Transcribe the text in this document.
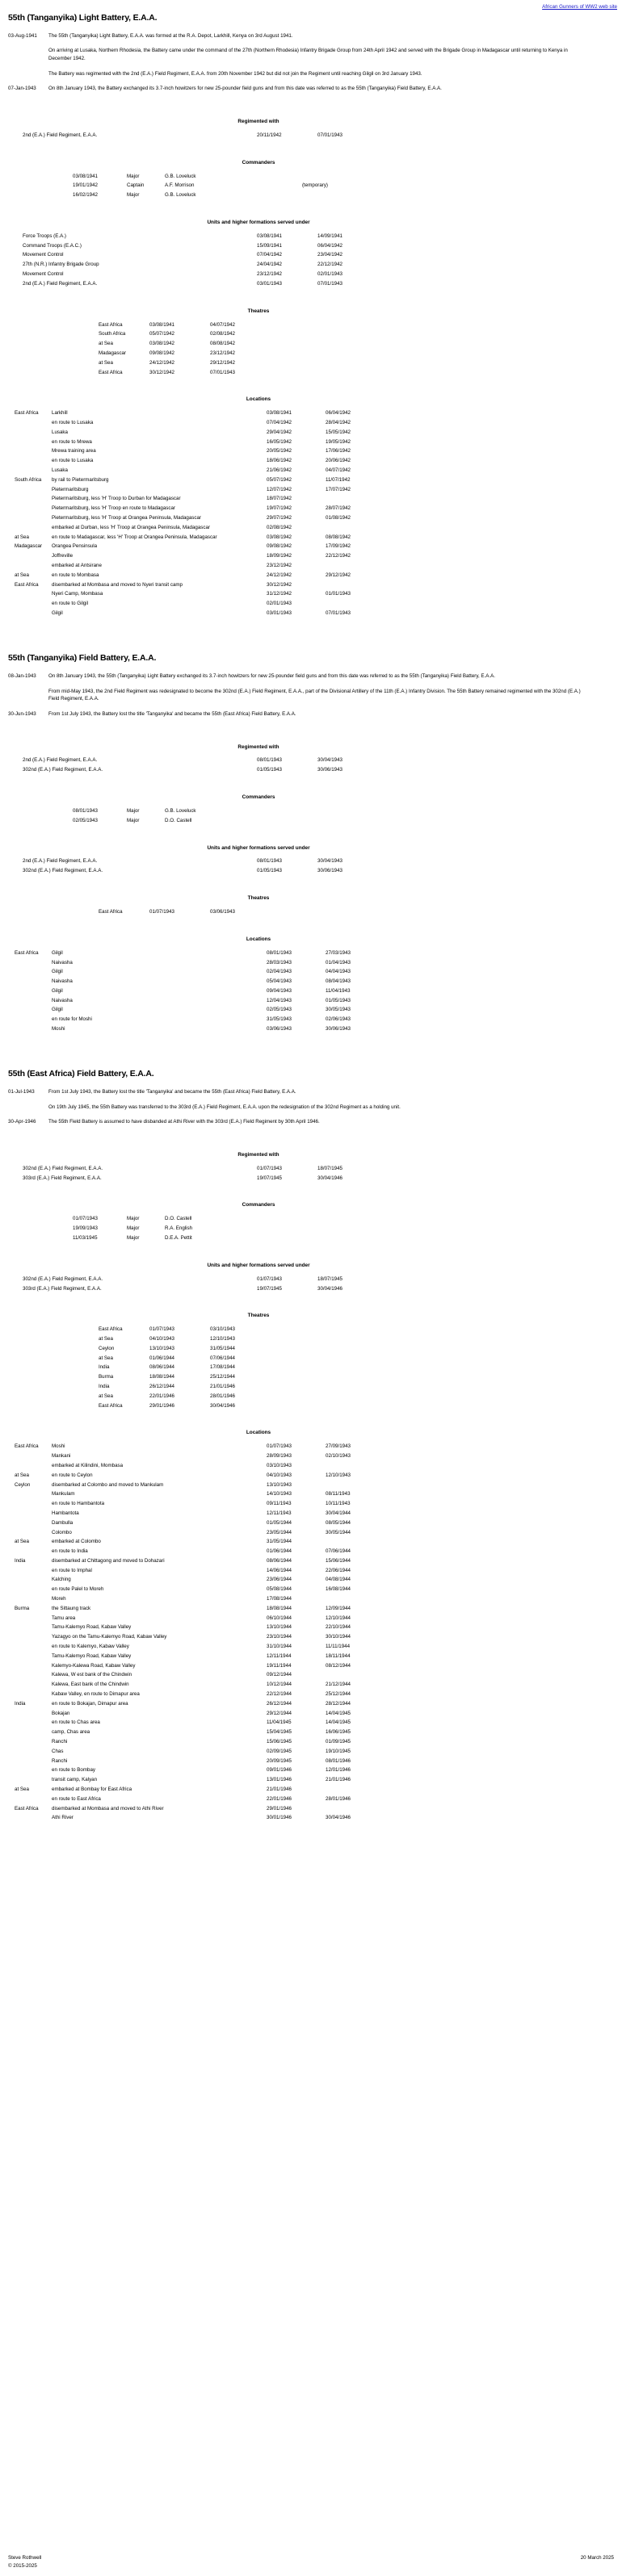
African Gunners of WW2 web site
55th (Tanganyika) Light Battery, E.A.A.
03-Aug-1941	The 55th (Tanganyika) Light Battery, E.A.A. was formed at the R.A. Depot, Larkhill, Kenya on 3rd August 1941.
On arriving at Lusaka, Northern Rhodesia, the Battery came under the command of the 27th (Northern Rhodesia) Infantry Brigade Group from 24th April 1942 and served with the Brigade Group in Madagascar until returning to Kenya in December 1942.
The Battery was regimented with the 2nd (E.A.) Field Regiment, E.A.A. from 20th November 1942 but did not join the Regiment until reaching Gilgil on 3rd January 1943.
07-Jan-1943	On 8th January 1943, the Battery exchanged its 3.7-inch howitzers for new 25-pounder field guns and from this date was referred to as the 55th (Tanganyika) Field Battery, E.A.A.
Regimented with
2nd (E.A.) Field Regiment, E.A.A.	20/11/1942	07/01/1943
Commanders
03/08/1941	Major	G.B. Loveluck	
19/01/1942	Captain	A.F. Morrison	(temporary)
16/02/1942	Major	G.B. Loveluck	
Units and higher formations served under
Force Troops (E.A.)	03/08/1941	14/09/1941
Command Troops (E.A.C.)	15/09/1941	06/04/1942
Movement Control	07/04/1942	23/04/1942
27th (N.R.) Infantry Brigade Group	24/04/1942	22/12/1942
Movement Control	23/12/1942	02/01/1943
2nd (E.A.) Field Regiment, E.A.A.	03/01/1943	07/01/1943
Theatres
East Africa	03/08/1941	04/07/1942
South Africa	05/07/1942	02/08/1942
at Sea	03/08/1942	08/08/1942
Madagascar	09/08/1942	23/12/1942
at Sea	24/12/1942	29/12/1942
East Africa	30/12/1942	07/01/1943
Locations
East Africa	Larkhill	03/08/1941	06/04/1942
	en route to Lusaka	07/04/1942	28/04/1942
	Lusaka	29/04/1942	15/05/1942
	en route to Mrewa	16/05/1942	19/05/1942
	Mrewa training area	20/05/1942	17/06/1942
	en route to Lusaka	18/06/1942	20/06/1942
	Lusaka	21/06/1942	04/07/1942
South Africa	by rail to Pietermaritsburg	05/07/1942	11/07/1942
	Pietermaritsburg	12/07/1942	17/07/1942
	Pietermaritsburg, less 'H' Troop to Durban for Madagascar	18/07/1942	
	Pietermaritsburg, less 'H' Troop en route to Madagascar	19/07/1942	28/07/1942
	Pietermaritsburg, less 'H' Troop at Orangea Peninsula, Madagascar	29/07/1942	01/08/1942
	embarked at Durban, less 'H' Troop at Orangea Peninsula, Madagascar	02/08/1942	
at Sea	en route to Madagascar, less 'H' Troop at Orangea Peninsula, Madagascar	03/08/1942	08/08/1942
Madagascar	Orangea Pensinsula	09/08/1942	17/09/1942
	Joffreville	18/09/1942	22/12/1942
	embarked at Antsirane	23/12/1942	
at Sea	en route to Mombasa	24/12/1942	29/12/1942
East Africa	disembarked at Mombasa and moved to Nyeri transit camp	30/12/1942	
	Nyeri Camp, Mombasa	31/12/1942	01/01/1943
	en route to Gilgil	02/01/1943	
	Gilgil	03/01/1943	07/01/1943
55th (Tanganyika) Field Battery, E.A.A.
08-Jan-1943	On 8th January 1943, the 55th (Tanganyika) Light Battery exchanged its 3.7-inch howitzers for new 25-pounder field guns and from this date was referred to as the 55th (Tanganyika) Field Battery, E.A.A.
From mid-May 1943, the 2nd Field Regiment was redesignated to become the 302nd (E.A.) Field Regiment, E.A.A., part of the Divisional Artillery of the 11th (E.A.) Infantry Division. The 55th Battery remained regimented with the 302nd (E.A.) Field Regiment, E.A.A.
30-Jun-1943	From 1st July 1943, the Battery lost the title 'Tanganyika' and became the 55th (East Africa) Field Battery, E.A.A.
Regimented with
2nd (E.A.) Field Regiment, E.A.A.	08/01/1943	30/04/1943
302nd (E.A.) Field Regiment, E.A.A.	01/05/1943	30/06/1943
Commanders
08/01/1943	Major	G.B. Loveluck	
02/05/1943	Major	D.O. Castell	
Units and higher formations served under
2nd (E.A.) Field Regiment, E.A.A.	08/01/1943	30/04/1943
302nd (E.A.) Field Regiment, E.A.A.	01/05/1943	30/06/1943
Theatres
East Africa	01/07/1943	03/06/1943
Locations
East Africa	Gilgil	08/01/1943	27/03/1943
	Naivasha	28/03/1943	01/04/1943
	Gilgil	02/04/1943	04/04/1943
	Naivasha	05/04/1943	08/04/1943
	Gilgil	09/04/1943	11/04/1943
	Naivasha	12/04/1943	01/05/1943
	Gilgil	02/05/1943	30/05/1943
	en route for Moshi	31/05/1943	02/06/1943
	Moshi	03/06/1943	30/06/1943
55th (East Africa) Field Battery, E.A.A.
01-Jul-1943	From 1st July 1943, the Battery lost the title 'Tanganyika' and became the 55th (East Africa) Field Battery, E.A.A.
On 19th July 1945, the 55th Battery was transferred to the 303rd (E.A.) Field Regiment, E.A.A. upon the redesignation of the 302nd Regiment as a holding unit.
30-Apr-1946	The 55th Field Battery is assumed to have disbanded at Athi River with the 303rd (E.A.) Field Regiment by 30th April 1946.
Regimented with
302nd (E.A.) Field Regiment, E.A.A.	01/07/1943	18/07/1945
303rd (E.A.) Field Regiment, E.A.A.	19/07/1945	30/04/1946
Commanders
01/07/1943	Major	D.O. Castell	
19/09/1943	Major	R.A. English	
11/03/1945	Major	D.E.A. Pettit	
Units and higher formations served under
302nd (E.A.) Field Regiment, E.A.A.	01/07/1943	18/07/1945
303rd (E.A.) Field Regiment, E.A.A.	19/07/1945	30/04/1946
Theatres
East Africa	01/07/1943	03/10/1943
at Sea	04/10/1943	12/10/1943
Ceylon	13/10/1943	31/05/1944
at Sea	01/06/1944	07/06/1944
India	08/06/1944	17/08/1944
Burma	18/08/1944	25/12/1944
India	26/12/1944	21/01/1946
at Sea	22/01/1946	28/01/1946
East Africa	29/01/1946	30/04/1946
Locations
East Africa	Moshi	01/07/1943	27/09/1943
	Mankani	28/09/1943	02/10/1943
	embarked at Kilindini, Mombasa	03/10/1943	
at Sea	en route to Ceylon	04/10/1943	12/10/1943
Ceylon	disembarked at Colombo and moved to Mankulam	13/10/1943	
	Mankulam	14/10/1943	08/11/1943
	en route to Hambantota	09/11/1943	10/11/1943
	Hambantota	12/11/1943	30/04/1944
	Dambulla	01/05/1944	08/05/1944
	Colombo	23/05/1944	30/05/1944
at Sea	embarked at Colombo	31/05/1944	
	en route to India	01/06/1944	07/06/1944
India	disembarked at Chittagong and moved to Dohazari	08/06/1944	15/06/1944
	en route to Imphal	14/06/1944	22/06/1944
	Kalching	23/06/1944	04/08/1944
	en route Palel to Moreh	05/08/1944	16/08/1944
	Moreh	17/08/1944	
Burma	the Sittaung track	18/08/1944	12/09/1944
	Tamu area	06/10/1944	12/10/1944
	Tamu-Kalemyo Road, Kabaw Valley	13/10/1944	22/10/1944
	Yazagyo on the Tamu-Kalemyo Road, Kabaw Valley	23/10/1944	30/10/1944
	en route to Kalemyo, Kabaw Valley	31/10/1944	11/11/1944
	Tamu-Kalemyo Road, Kabaw Valley	12/11/1944	18/11/1944
	Kalemyo-Kalewa Road, Kabaw Valley	19/11/1944	08/12/1944
	Kalewa, W est bank of the Chindwin	09/12/1944	
	Kalewa, East bank of the Chindwin	10/12/1944	21/12/1944
	Kabaw Valley, en route to Dimapur area	22/12/1944	25/12/1944
India	en route to Bokajan, Dimapur area	26/12/1944	28/12/1944
	Bokajan	29/12/1944	14/04/1945
	en route to Chas area	11/04/1945	14/04/1945
	camp, Chas area	15/04/1945	16/06/1945
	Ranchi	15/06/1945	01/09/1945
	Chas	02/09/1945	19/10/1945
	Ranchi	20/09/1945	08/01/1946
	en route to Bombay	09/01/1946	12/01/1946
	transit camp, Kalyan	13/01/1946	21/01/1946
at Sea	embarked at Bombay for East Africa	21/01/1946	
	en route to East Africa	22/01/1946	28/01/1946
East Africa	disembarked at Mombasa and moved to Athi River	29/01/1946	
	Athi River	30/01/1946	30/04/1946
Steve Rothwell
© 2015-2025
20 March 2025
